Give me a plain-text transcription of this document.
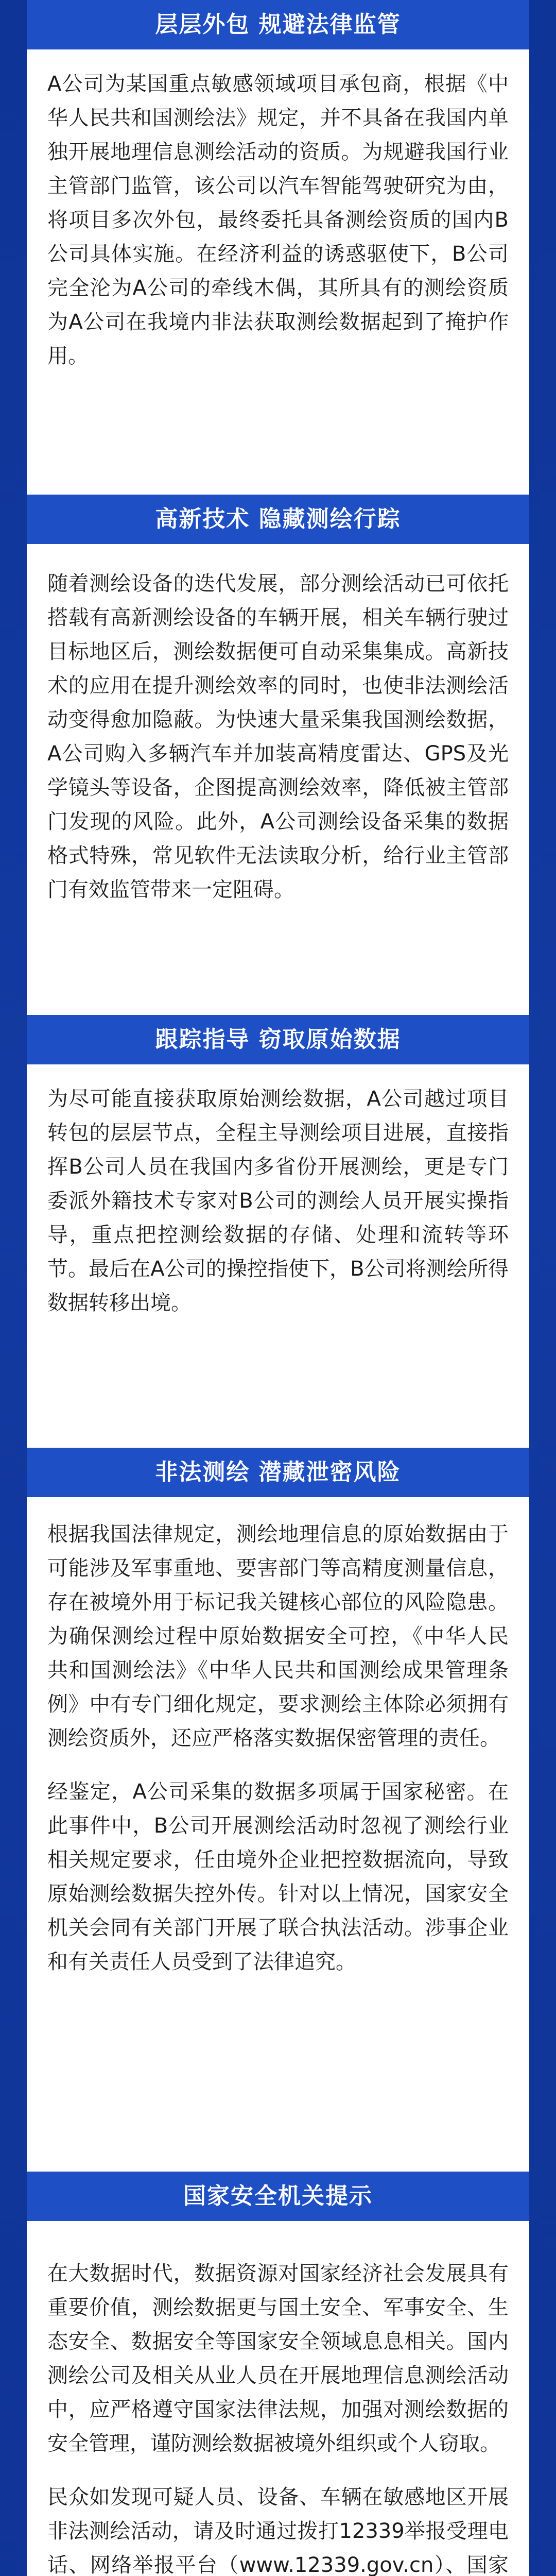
层层外包 规避法律监管

A公司为某国重点敏感领域项目承包商，根据《中华人民共和国测绘法》规定，并不具备在我国内单独开展地理信息测绘活动的资质。为规避我国行业主管部门监管，该公司以汽车智能驾驶研究为由，将项目多次外包，最终委托具备测绘资质的国内B公司具体实施。在经济利益的诱惑驱使下，B公司完全沦为A公司的牵线木偶，其所具有的测绘资质为A公司在我境内非法获取测绘数据起到了掩护作用。

高新技术 隐藏测绘行踪

随着测绘设备的迭代发展，部分测绘活动已可依托搭载有高新测绘设备的车辆开展，相关车辆行驶过目标地区后，测绘数据便可自动采集集成。高新技术的应用在提升测绘效率的同时，也使非法测绘活动变得愈加隐蔽。为快速大量采集我国测绘数据，A公司购入多辆汽车并加装高精度雷达、GPS及光学镜头等设备，企图提高测绘效率，降低被主管部门发现的风险。此外，A公司测绘设备采集的数据格式特殊，常见软件无法读取分析，给行业主管部门有效监管带来一定阻碍。

跟踪指导 窃取原始数据

为尽可能直接获取原始测绘数据，A公司越过项目转包的层层节点，全程主导测绘项目进展，直接指挥B公司人员在我国内多省份开展测绘，更是专门委派外籍技术专家对B公司的测绘人员开展实操指导，重点把控测绘数据的存储、处理和流转等环节。最后在A公司的操控指使下，B公司将测绘所得数据转移出境。

非法测绘 潜藏泄密风险

根据我国法律规定，测绘地理信息的原始数据由于可能涉及军事重地、要害部门等高精度测量信息，存在被境外用于标记我关键核心部位的风险隐患。为确保测绘过程中原始数据安全可控，《中华人民共和国测绘法》《中华人民共和国测绘成果管理条例》中有专门细化规定，要求测绘主体除必须拥有测绘资质外，还应严格落实数据保密管理的责任。

经鉴定，A公司采集的数据多项属于国家秘密。在此事件中，B公司开展测绘活动时忽视了测绘行业相关规定要求，任由境外企业把控数据流向，导致原始测绘数据失控外传。针对以上情况，国家安全机关会同有关部门开展了联合执法活动。涉事企业和有关责任人员受到了法律追究。

国家安全机关提示

在大数据时代，数据资源对国家经济社会发展具有重要价值，测绘数据更与国土安全、军事安全、生态安全、数据安全等国家安全领域息息相关。国内测绘公司及相关从业人员在开展地理信息测绘活动中，应严格遵守国家法律法规，加强对测绘数据的安全管理，谨防测绘数据被境外组织或个人窃取。

民众如发现可疑人员、设备、车辆在敏感地区开展非法测绘活动，请及时通过拨打12339举报受理电话、网络举报平台（www.12339.gov.cn）、国家
